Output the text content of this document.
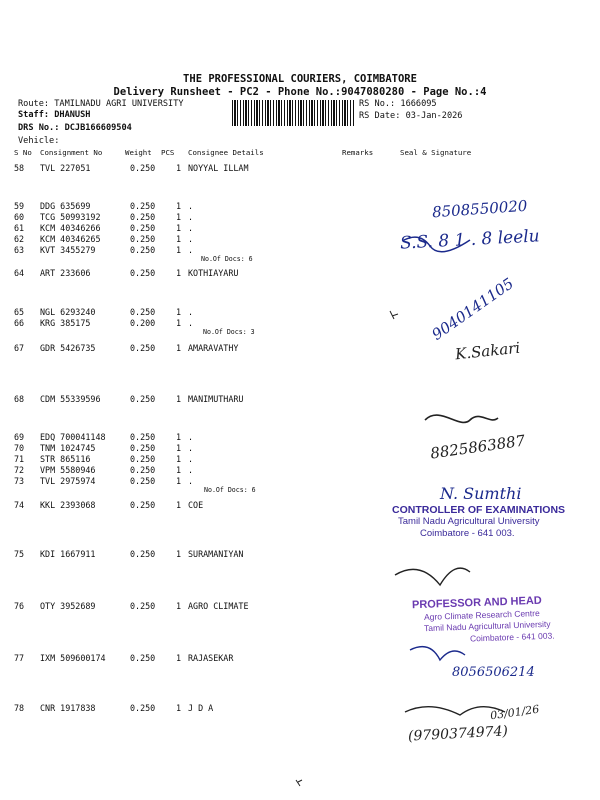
THE PROFESSIONAL COURIERS, COIMBATORE
Delivery Runsheet - PC2 - Phone No.:9047080280 - Page No.:4
Route: TAMILNADU AGRI UNIVERSITY
Staff: DHANUSH
DRS No.: DCJB166609504
Vehicle:
RS No.: 1666095
RS Date: 03-Jan-2026
S No Consignment No	Weight PCS Consignee Details	Remarks	Seal & Signature
58 TVL 227051	0.250 1 NOYYAL ILLAM
59 DDG 635699	0.250 1 .
60 TCG 50993192	0.250 1 .
61 KCM 40346266	0.250 1 .
62 KCM 40346265	0.250 1 .
63 KVT 3455279	0.250 1 .
No.Of Docs: 6
64 ART 233606	0.250 1 KOTHIAYARU
65 NGL 6293240	0.250 1 .
66 KRG 385175	0.200 1 .
No.Of Docs: 3
67 GDR 5426735	0.250 1 AMARAVATHY
68 CDM 55339596	0.250 1 MANIMUTHARU
69 EDQ 700041148	0.250 1 .
70 TNM 1024745	0.250 1 .
71 STR 865116	0.250 1 .
72 VPM 5580946	0.250 1 .
73 TVL 2975974	0.250 1 .
No.Of Docs: 6
74 KKL 2393068	0.250 1 COE
75 KDI 1667911	0.250 1 SURAMANIYAN
76 OTY 3952689	0.250 1 AGRO CLIMATE
77 IXM 509600174	0.250 1 RAJASEKAR
78 CNR 1917838	0.250 1 J D A
8508550020
S.S. 8 1 . 8 leelu
9040141105
K.Sakari
8825863887
N. Sumthi
CONTROLLER OF EXAMINATIONS
Tamil Nadu Agricultural University
Coimbatore - 641 003.
PROFESSOR AND HEAD
Agro Climate Research Centre
Tamil Nadu Agricultural University
Coimbatore - 641 003.
8056506214
03/01/26
(9790374974)
